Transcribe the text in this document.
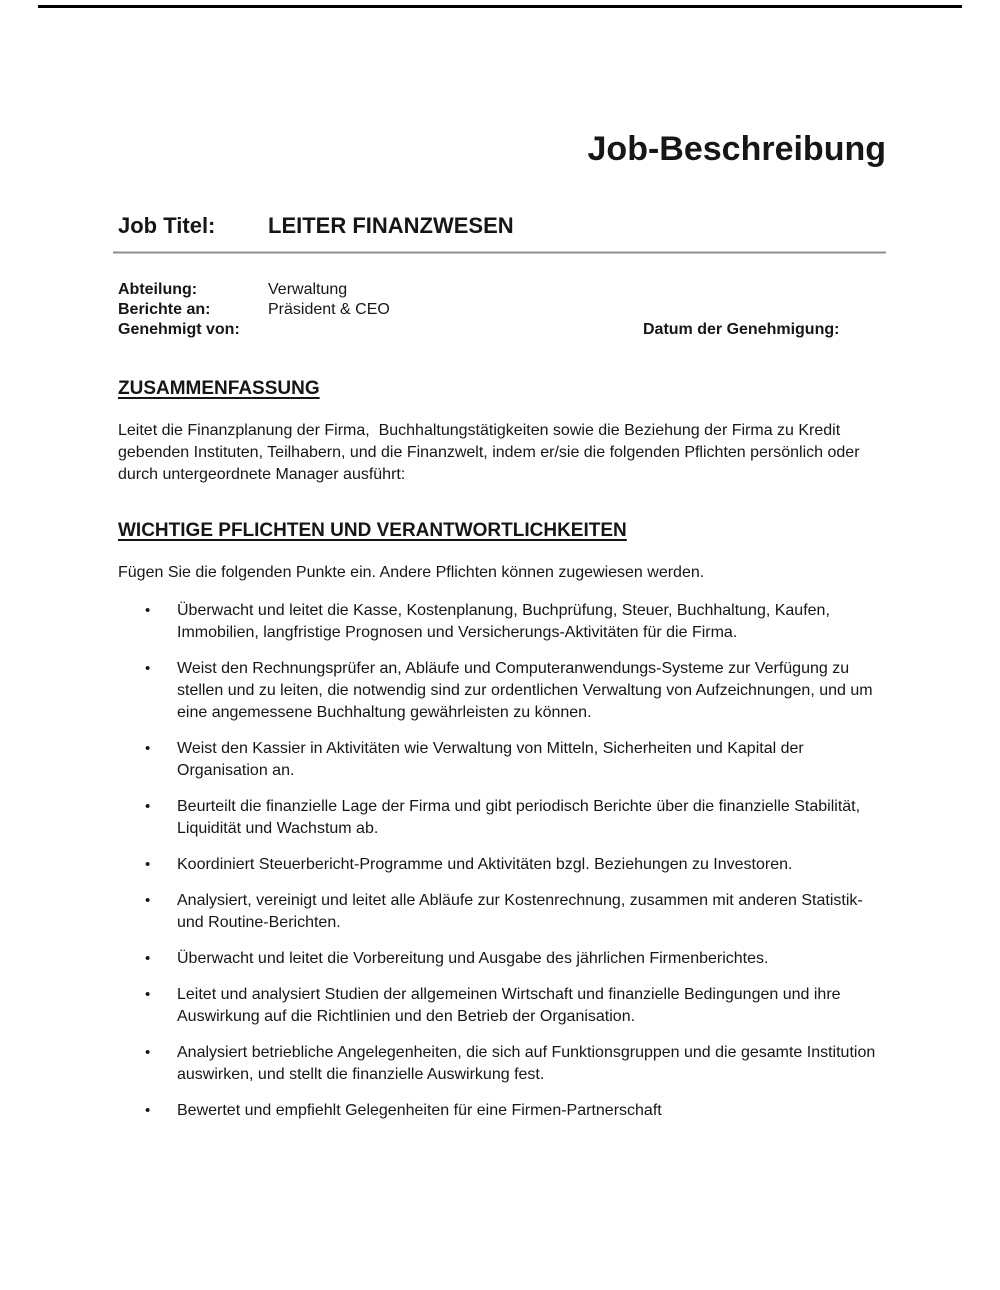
Job-Beschreibung
Job Titel:	LEITER FINANZWESEN
Abteilung:	Verwaltung
Berichte an:	Präsident & CEO
Genehmigt von:	Datum der Genehmigung:
ZUSAMMENFASSUNG
Leitet die Finanzplanung der Firma,  Buchhaltungstätigkeiten sowie die Beziehung der Firma zu Kredit gebenden Instituten, Teilhabern, und die Finanzwelt, indem er/sie die folgenden Pflichten persönlich oder durch untergeordnete Manager ausführt:
WICHTIGE PFLICHTEN UND VERANTWORTLICHKEITEN
Fügen Sie die folgenden Punkte ein. Andere Pflichten können zugewiesen werden.
• Überwacht und leitet die Kasse, Kostenplanung, Buchprüfung, Steuer, Buchhaltung, Kaufen, Immobilien, langfristige Prognosen und Versicherungs-Aktivitäten für die Firma.
• Weist den Rechnungsprüfer an, Abläufe und Computeranwendungs-Systeme zur Verfügung zu stellen und zu leiten, die notwendig sind zur ordentlichen Verwaltung von Aufzeichnungen, und um eine angemessene Buchhaltung gewährleisten zu können.
• Weist den Kassier in Aktivitäten wie Verwaltung von Mitteln, Sicherheiten und Kapital der Organisation an.
• Beurteilt die finanzielle Lage der Firma und gibt periodisch Berichte über die finanzielle Stabilität, Liquidität und Wachstum ab.
• Koordiniert Steuerbericht-Programme und Aktivitäten bzgl. Beziehungen zu Investoren.
• Analysiert, vereinigt und leitet alle Abläufe zur Kostenrechnung, zusammen mit anderen Statistik- und Routine-Berichten.
• Überwacht und leitet die Vorbereitung und Ausgabe des jährlichen Firmenberichtes.
• Leitet und analysiert Studien der allgemeinen Wirtschaft und finanzielle Bedingungen und ihre Auswirkung auf die Richtlinien und den Betrieb der Organisation.
• Analysiert betriebliche Angelegenheiten, die sich auf Funktionsgruppen und die gesamte Institution auswirken, und stellt die finanzielle Auswirkung fest.
• Bewertet und empfiehlt Gelegenheiten für eine Firmen-Partnerschaft
